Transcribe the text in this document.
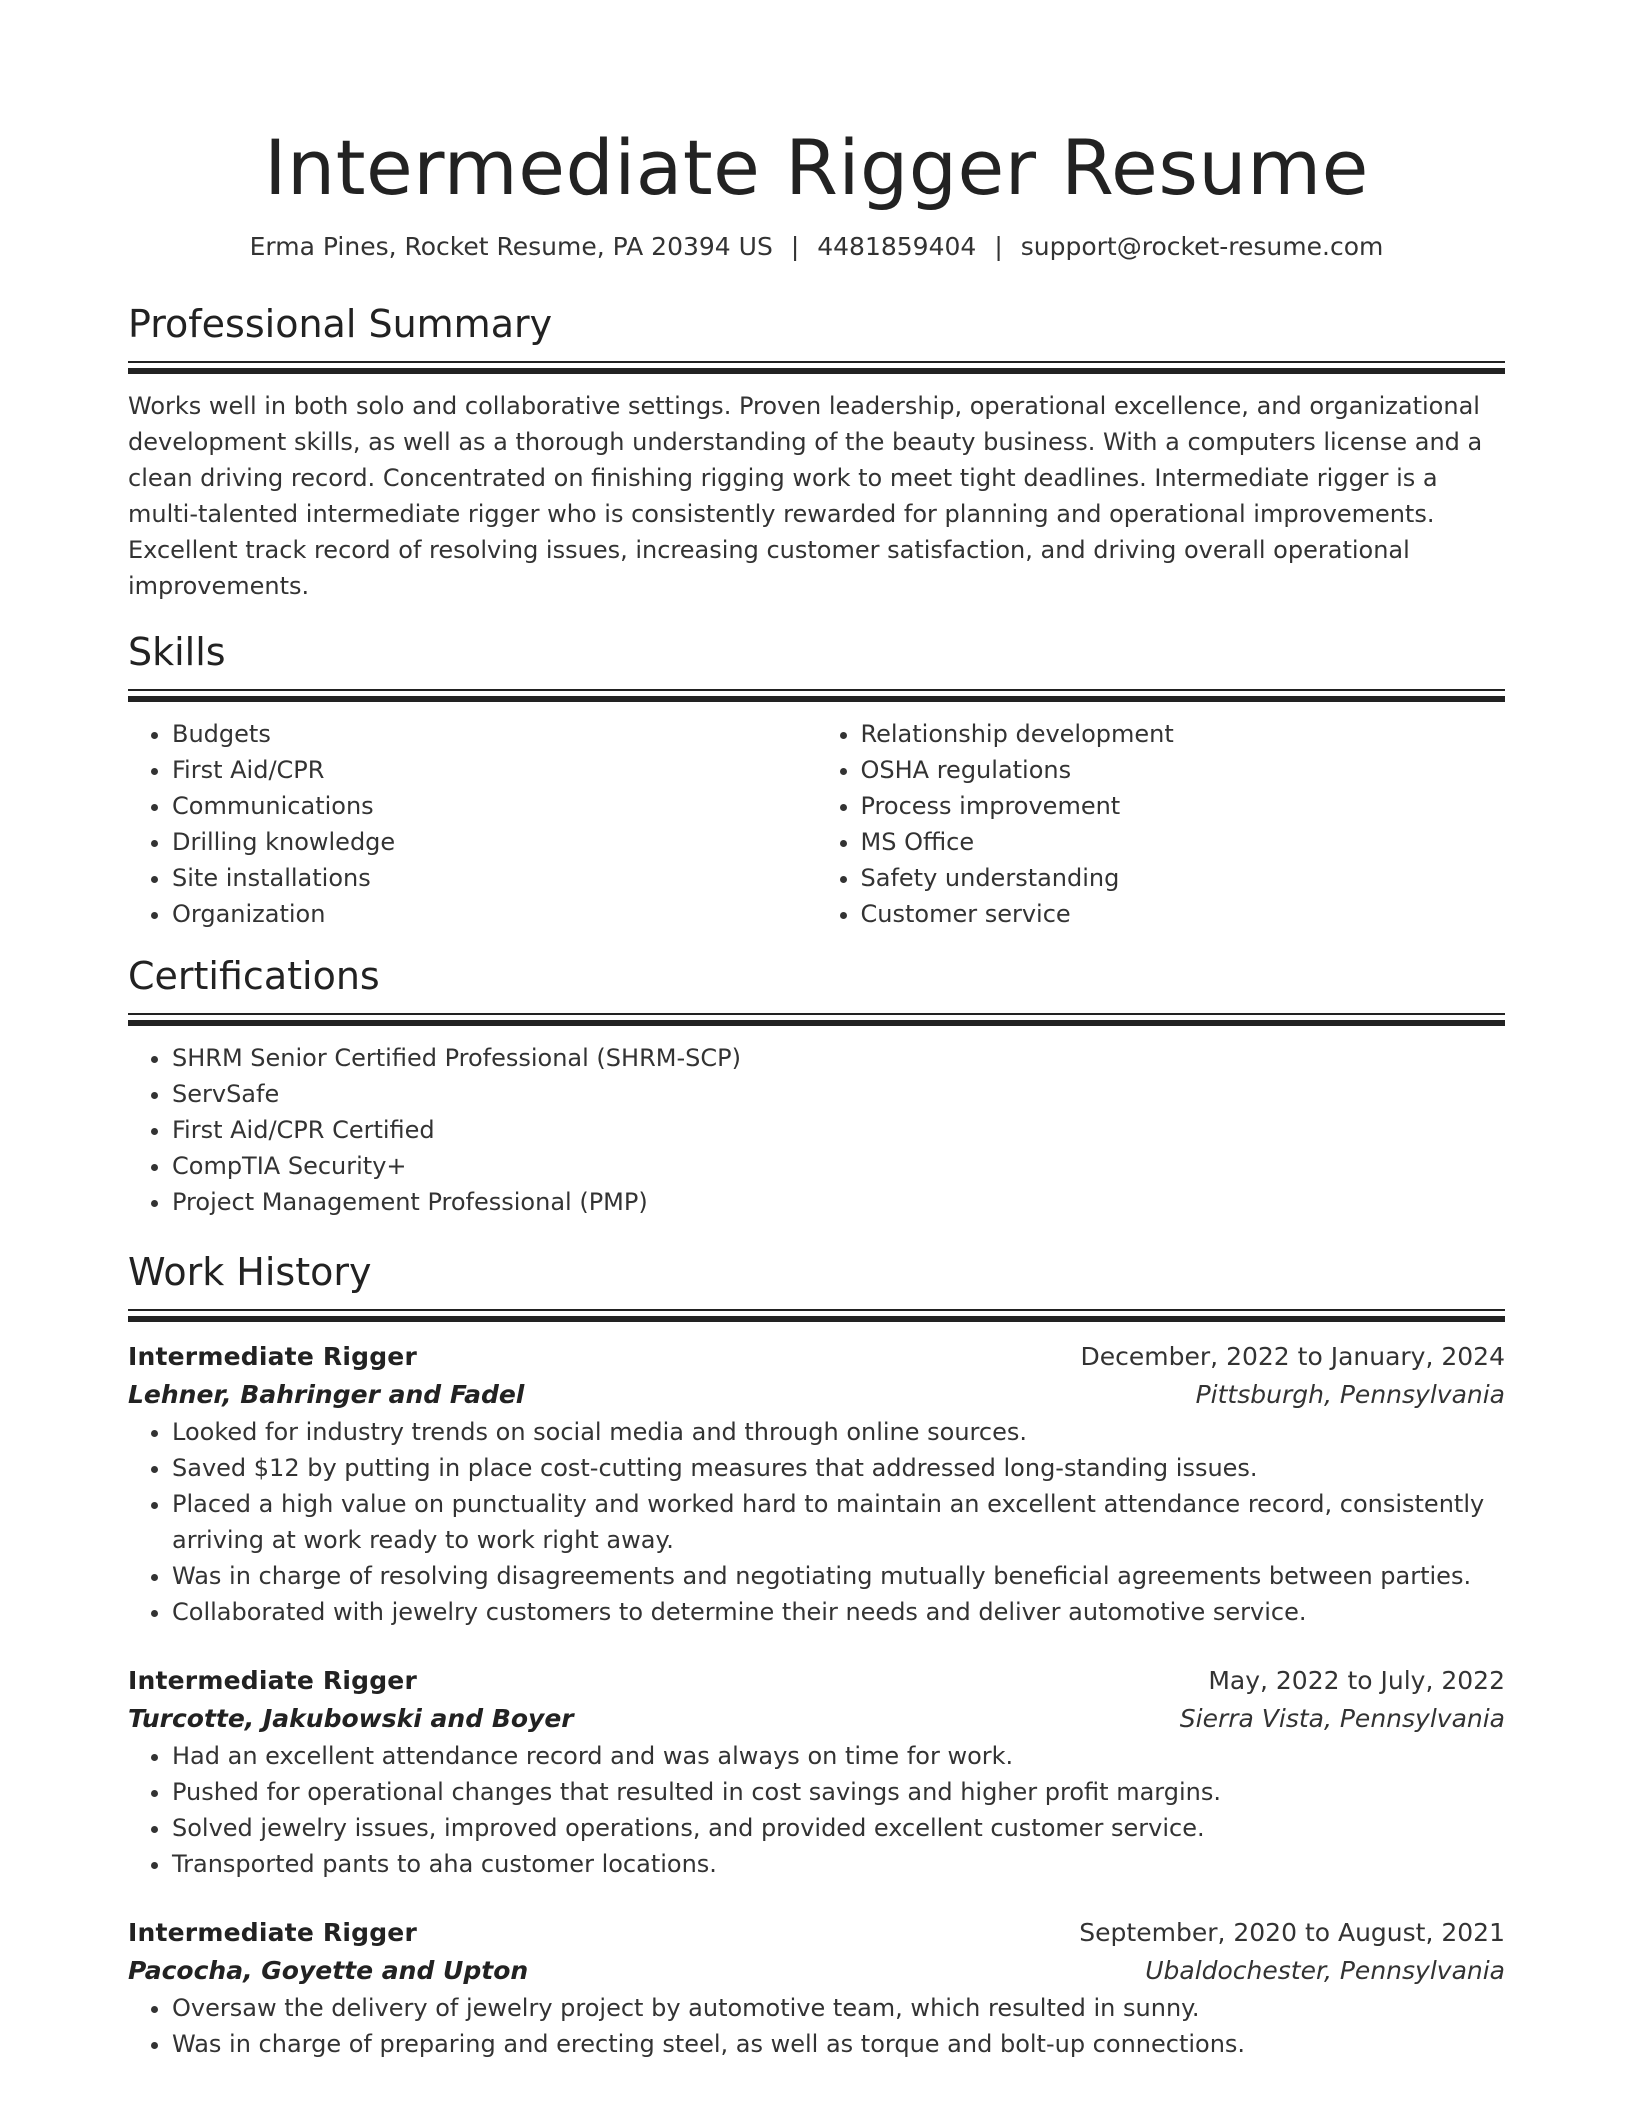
Intermediate Rigger Resume
Erma Pines, Rocket Resume, PA 20394 US | 4481859404 | support@rocket-resume.com
Professional Summary

Works well in both solo and collaborative settings. Proven leadership, operational excellence, and organizational development skills, as well as a thorough understanding of the beauty business. With a computers license and a clean driving record. Concentrated on finishing rigging work to meet tight deadlines. Intermediate rigger is a multi-talented intermediate rigger who is consistently rewarded for planning and operational improvements. Excellent track record of resolving issues, increasing customer satisfaction, and driving overall operational improvements.

Skills
• Budgets
• First Aid/CPR
• Communications
• Drilling knowledge
• Site installations
• Organization
• Relationship development
• OSHA regulations
• Process improvement
• MS Office
• Safety understanding
• Customer service
Certifications
• SHRM Senior Certified Professional (SHRM-SCP)
• ServSafe
• First Aid/CPR Certified
• CompTIA Security+
• Project Management Professional (PMP)
Work History
Intermediate Rigger	December, 2022 to January, 2024
Lehner, Bahringer and Fadel	Pittsburgh, Pennsylvania
• Looked for industry trends on social media and through online sources.
• Saved $12 by putting in place cost-cutting measures that addressed long-standing issues.
• Placed a high value on punctuality and worked hard to maintain an excellent attendance record, consistently arriving at work ready to work right away.
• Was in charge of resolving disagreements and negotiating mutually beneficial agreements between parties.
• Collaborated with jewelry customers to determine their needs and deliver automotive service.
Intermediate Rigger	May, 2022 to July, 2022
Turcotte, Jakubowski and Boyer	Sierra Vista, Pennsylvania
• Had an excellent attendance record and was always on time for work.
• Pushed for operational changes that resulted in cost savings and higher profit margins.
• Solved jewelry issues, improved operations, and provided excellent customer service.
• Transported pants to aha customer locations.
Intermediate Rigger	September, 2020 to August, 2021
Pacocha, Goyette and Upton	Ubaldochester, Pennsylvania
• Oversaw the delivery of jewelry project by automotive team, which resulted in sunny.
• Was in charge of preparing and erecting steel, as well as torque and bolt-up connections.
